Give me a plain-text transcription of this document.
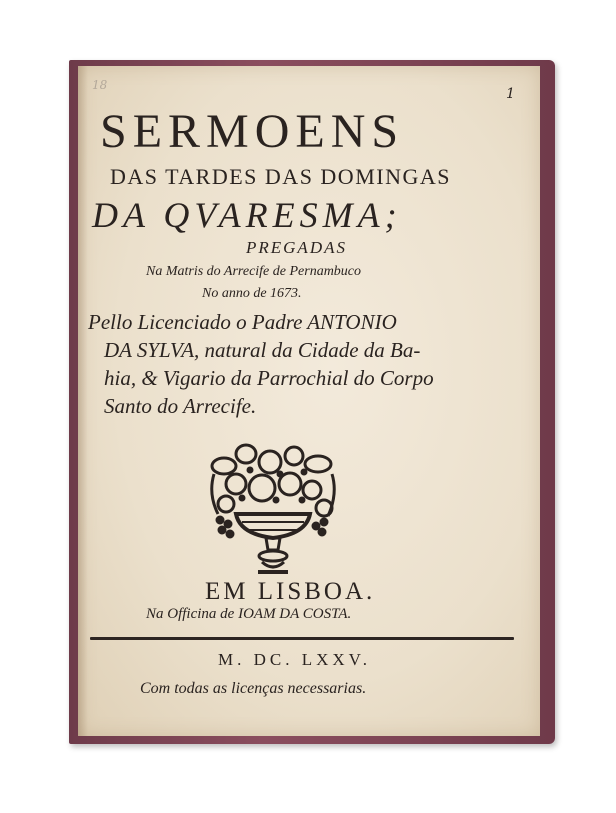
18
1
SERMOENS
DAS TARDES DAS DOMINGAS
DA QVARESMA;
PREGADAS
Na Matris do Arrecife de Pernambuco
No anno de 1673.
Pello Licenciado o Padre ANTONIO
DA SYLVA, natural da Cidade da Ba-
hia, & Vigario da Parrochial do Corpo
Santo do Arrecife.
EM LISBOA.
Na Officina de IOAM DA COSTA.
M. DC. LXXV.
Com todas as licenças necessarias.
